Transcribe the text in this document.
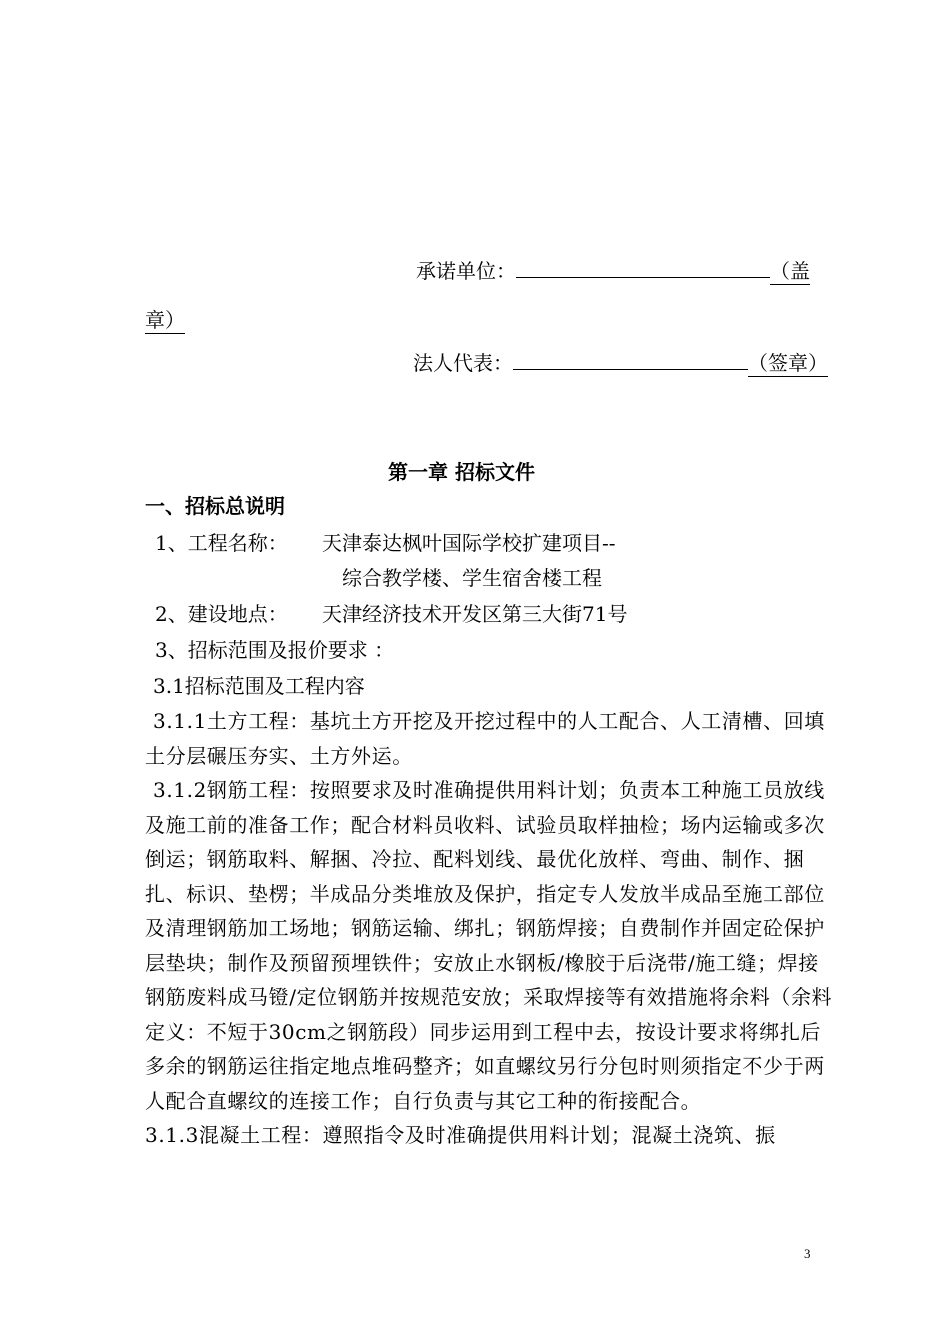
承诺单位：	（盖
章）
法人代表：	（签章）
第一章 招标文件
一、招标总说明
1、工程名称： 天津泰达枫叶国际学校扩建项目--
综合教学楼、学生宿舍楼工程
2、建设地点： 天津经济技术开发区第三大街71号
3、招标范围及报价要求 ：
3.1招标范围及工程内容

3.1.1土方工程：基坑土方开挖及开挖过程中的人工配合、人工清槽、回填土分层碾压夯实、土方外运。

3.1.2钢筋工程：按照要求及时准确提供用料计划；负责本工种施工员放线及施工前的准备工作；配合材料员收料、试验员取样抽检；场内运输或多次倒运；钢筋取料、解捆、冷拉、配料划线、最优化放样、弯曲、制作、捆扎、标识、垫楞；半成品分类堆放及保护，指定专人发放半成品至施工部位及清理钢筋加工场地；钢筋运输、绑扎；钢筋焊接；自费制作并固定砼保护层垫块；制作及预留预埋铁件；安放止水钢板/橡胶于后浇带/施工缝；焊接钢筋废料成马镫/定位钢筋并按规范安放；采取焊接等有效措施将余料（余料定义：不短于30cm之钢筋段）同步运用到工程中去，按设计要求将绑扎后多余的钢筋运往指定地点堆码整齐；如直螺纹另行分包时则须指定不少于两人配合直螺纹的连接工作；自行负责与其它工种的衔接配合。

3.1.3混凝土工程：遵照指令及时准确提供用料计划；混凝土浇筑、振

3
